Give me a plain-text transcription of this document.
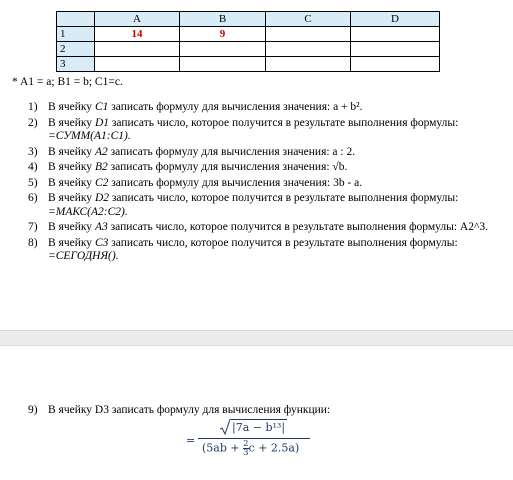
	A	B	C	D
1	14	9		
2				
3				
* A1 = a; B1 = b; C1=c.
1) В ячейку C1 записать формулу для вычисления значения: a + b².
2) В ячейку D1 записать число, которое получится в результате выполнения формулы: =СУММ(A1:C1).
3) В ячейку A2 записать формулу для вычисления значения: a : 2.
4) В ячейку B2 записать формулу для вычисления значения: √b.
5) В ячейку C2 записать формулу для вычисления значения: 3b - a.
6) В ячейку D2 записать число, которое получится в результате выполнения формулы: =МАКС(A2:C2).
7) В ячейку A3 записать число, которое получится в результате выполнения формулы: A2^3.
8) В ячейку C3 записать число, которое получится в результате выполнения формулы: =СЕГОДНЯ().
9) В ячейку D3 записать формулу для вычисления функции:
=
|7a − b¹³|
($5ab + \frac{2}{3}$ c + 2.5a)
